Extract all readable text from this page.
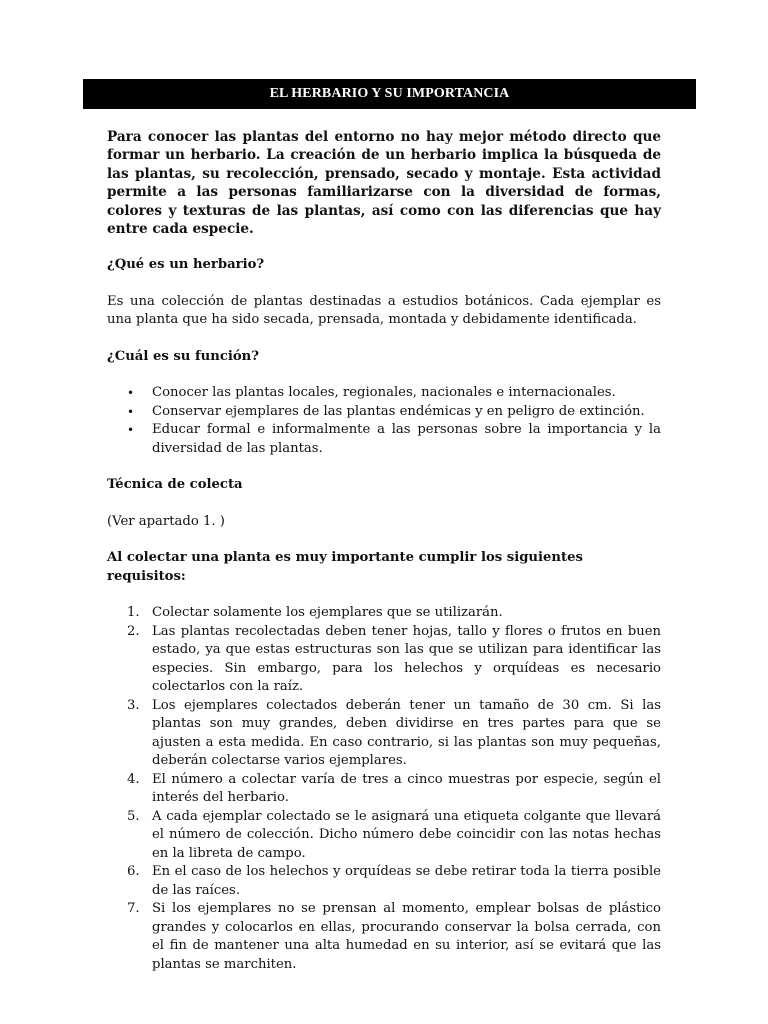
EL HERBARIO Y SU IMPORTANCIA

Para conocer las plantas del entorno no hay mejor método directo que formar un herbario. La creación de un herbario implica la búsqueda de las plantas, su recolección, prensado, secado y montaje. Esta actividad permite a las personas familiarizarse con la diversidad de formas, colores y texturas de las plantas, así como con las diferencias que hay entre cada especie.

¿Qué es un herbario?

Es una colección de plantas destinadas a estudios botánicos. Cada ejemplar es una planta que ha sido secada, prensada, montada y debidamente identificada.

¿Cuál es su función?

• Conocer las plantas locales, regionales, nacionales e internacionales.
• Conservar ejemplares de las plantas endémicas y en peligro de extinción.
• Educar formal e informalmente a las personas sobre la importancia y la diversidad de las plantas.

Técnica de colecta

(Ver apartado 1. )

Al colectar una planta es muy importante cumplir los siguientes requisitos:

1. Colectar solamente los ejemplares que se utilizarán.
2. Las plantas recolectadas deben tener hojas, tallo y flores o frutos en buen estado, ya que estas estructuras son las que se utilizan para identificar las especies. Sin embargo, para los helechos y orquídeas es necesario colectarlos con la raíz.
3. Los ejemplares colectados deberán tener un tamaño de 30 cm. Si las plantas son muy grandes, deben dividirse en tres partes para que se ajusten a esta medida. En caso contrario, si las plantas son muy pequeñas, deberán colectarse varios ejemplares.
4. El número a colectar varía de tres a cinco muestras por especie, según el interés del herbario.
5. A cada ejemplar colectado se le asignará una etiqueta colgante que llevará el número de colección. Dicho número debe coincidir con las notas hechas en la libreta de campo.
6. En el caso de los helechos y orquídeas se debe retirar toda la tierra posible de las raíces.
7. Si los ejemplares no se prensan al momento, emplear bolsas de plástico grandes y colocarlos en ellas, procurando conservar la bolsa cerrada, con el fin de mantener una alta humedad en su interior, así se evitará que las plantas se marchiten.
